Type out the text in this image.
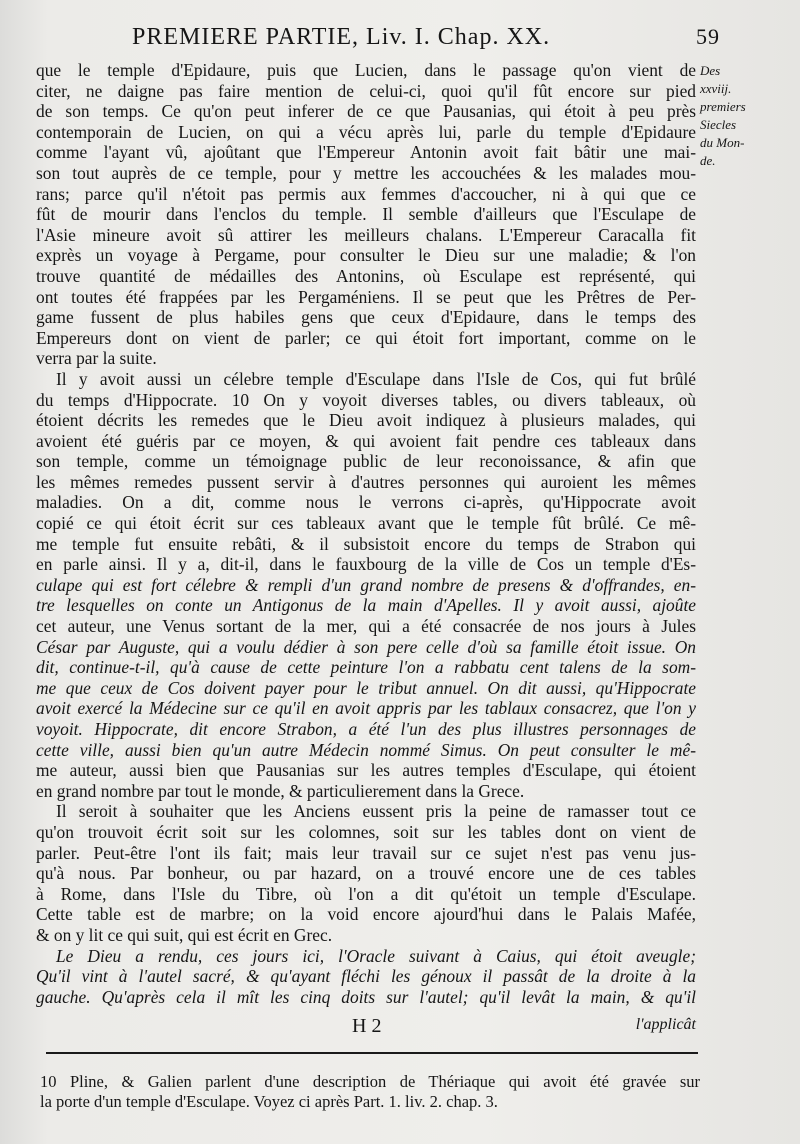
PREMIERE PARTIE, Liv. I. Chap. XX.	59
Des
xxviij.
premiers
Siecles
du Mon-
de.
que le temple d'Epidaure, puis que Lucien, dans le passage qu'on vient de
citer, ne daigne pas faire mention de celui-ci, quoi qu'il fût encore sur pied
de son temps. Ce qu'on peut inferer de ce que Pausanias, qui étoit à peu près
contemporain de Lucien, on qui a vécu après lui, parle du temple d'Epidaure
comme l'ayant vû, ajoûtant que l'Empereur Antonin avoit fait bâtir une mai-
son tout auprès de ce temple, pour y mettre les accouchées & les malades mou-
rans; parce qu'il n'étoit pas permis aux femmes d'accoucher, ni à qui que ce
fût de mourir dans l'enclos du temple. Il semble d'ailleurs que l'Esculape de
l'Asie mineure avoit sû attirer les meilleurs chalans. L'Empereur Caracalla fit
exprès un voyage à Pergame, pour consulter le Dieu sur une maladie; & l'on
trouve quantité de médailles des Antonins, où Esculape est représenté, qui
ont toutes été frappées par les Pergaméniens. Il se peut que les Prêtres de Per-
game fussent de plus habiles gens que ceux d'Epidaure, dans le temps des
Empereurs dont on vient de parler; ce qui étoit fort important, comme on le
verra par la suite.
Il y avoit aussi un célebre temple d'Esculape dans l'Isle de Cos, qui fut brûlé
du temps d'Hippocrate. 10 On y voyoit diverses tables, ou divers tableaux, où
étoient décrits les remedes que le Dieu avoit indiquez à plusieurs malades, qui
avoient été guéris par ce moyen, & qui avoient fait pendre ces tableaux dans
son temple, comme un témoignage public de leur reconoissance, & afin que
les mêmes remedes pussent servir à d'autres personnes qui auroient les mêmes
maladies. On a dit, comme nous le verrons ci-après, qu'Hippocrate avoit
copié ce qui étoit écrit sur ces tableaux avant que le temple fût brûlé. Ce mê-
me temple fut ensuite rebâti, & il subsistoit encore du temps de Strabon qui
en parle ainsi. Il y a, dit-il, dans le fauxbourg de la ville de Cos un temple d'Es-
culape qui est fort célebre & rempli d'un grand nombre de presens & d'offrandes, en-
tre lesquelles on conte un Antigonus de la main d'Apelles. Il y avoit aussi, ajoûte
cet auteur, une Venus sortant de la mer, qui a été consacrée de nos jours à Jules
César par Auguste, qui a voulu dédier à son pere celle d'où sa famille étoit issue. On
dit, continue-t-il, qu'à cause de cette peinture l'on a rabbatu cent talens de la som-
me que ceux de Cos doivent payer pour le tribut annuel. On dit aussi, qu'Hippocrate
avoit exercé la Médecine sur ce qu'il en avoit appris par les tablaux consacrez, que l'on y
voyoit. Hippocrate, dit encore Strabon, a été l'un des plus illustres personnages de
cette ville, aussi bien qu'un autre Médecin nommé Simus. On peut consulter le mê-
me auteur, aussi bien que Pausanias sur les autres temples d'Esculape, qui étoient
en grand nombre par tout le monde, & particulierement dans la Grece.
Il seroit à souhaiter que les Anciens eussent pris la peine de ramasser tout ce
qu'on trouvoit écrit soit sur les colomnes, soit sur les tables dont on vient de
parler. Peut-être l'ont ils fait; mais leur travail sur ce sujet n'est pas venu jus-
qu'à nous. Par bonheur, ou par hazard, on a trouvé encore une de ces tables
à Rome, dans l'Isle du Tibre, où l'on a dit qu'étoit un temple d'Esculape.
Cette table est de marbre; on la void encore ajourd'hui dans le Palais Mafée,
& on y lit ce qui suit, qui est écrit en Grec.
Le Dieu a rendu, ces jours ici, l'Oracle suivant à Caius, qui étoit aveugle;
Qu'il vint à l'autel sacré, & qu'ayant fléchi les génoux il passât de la droite à la
gauche. Qu'après cela il mît les cinq doits sur l'autel; qu'il levât la main, & qu'il
H 2	l'applicât
10 Pline, & Galien parlent d'une description de Thériaque qui avoit été gravée sur
la porte d'un temple d'Esculape. Voyez ci après Part. 1. liv. 2. chap. 3.
